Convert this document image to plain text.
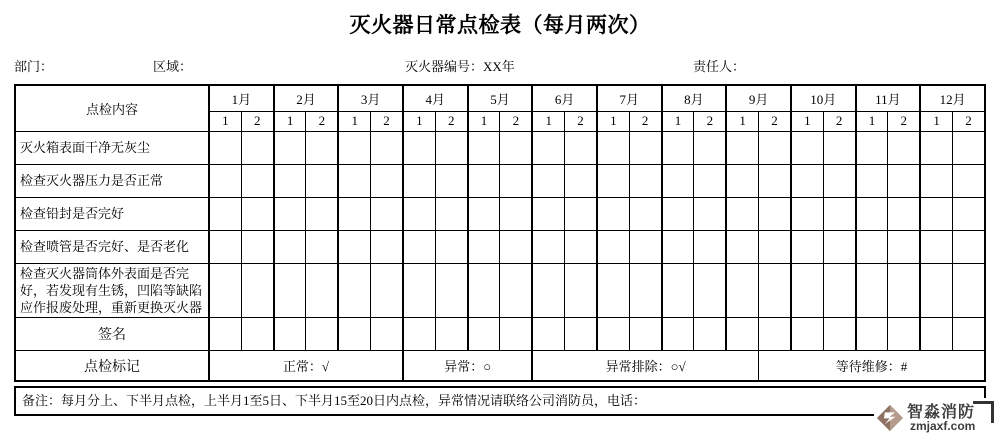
灭火器日常点检表（每月两次）
部门：	区域：	灭火器编号：XX年	责任人：
点检内容	1月		2月		3月		4月		5月		6月		7月		8月		9月		10月		11月		12月	
	1	2	1	2	1	2	1	2	1	2	1	2	1	2	1	2	1	2	1	2	1	2	1	2
灭火箱表面干净无灰尘																								
检查灭火器压力是否正常																								
检查铅封是否完好																								
检查喷管是否完好、是否老化																								
检查灭火器筒体外表面是否完好，若发现有生锈，凹陷等缺陷应作报废处理，重新更换灭火器																								
签名																								
点检标记	正常：√						异常：○				异常排除：○√							等待维修：#						
备注：每月分上、下半月点检，上半月1至5日、下半月15至20日内点检，异常情况请联络公司消防员，电话：
智淼消防
zmjaxf.com
